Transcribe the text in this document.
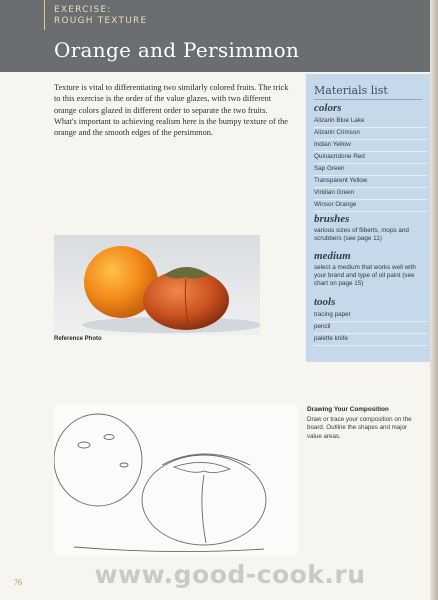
EXERCISE:
ROUGH TEXTURE
Orange and Persimmon
Texture is vital to differentiating two similarly colored fruits. The trick to this exercise is the order of the value glazes, with two different orange colors glazed in different order to separate the two fruits. What's important to achieving realism here is the bumpy texture of the orange and the smooth edges of the persimmon.
Materials list
colors
Alizarin Blue Lake
Alizarin Crimson
Indian Yellow
Quinacridone Red
Sap Green
Transparent Yellow
Viridian Green
Winsor Orange
brushes
various sizes of filberts, mops and scrubbers (see page 11)
medium
select a medium that works well with your brand and type of oil paint (see chart on page 15)
tools
tracing paper
pencil
palette knife
Reference Photo
Drawing Your Composition
Draw or trace your composition on the board. Outline the shapes and major value areas.
76	www.good-cook.ru
